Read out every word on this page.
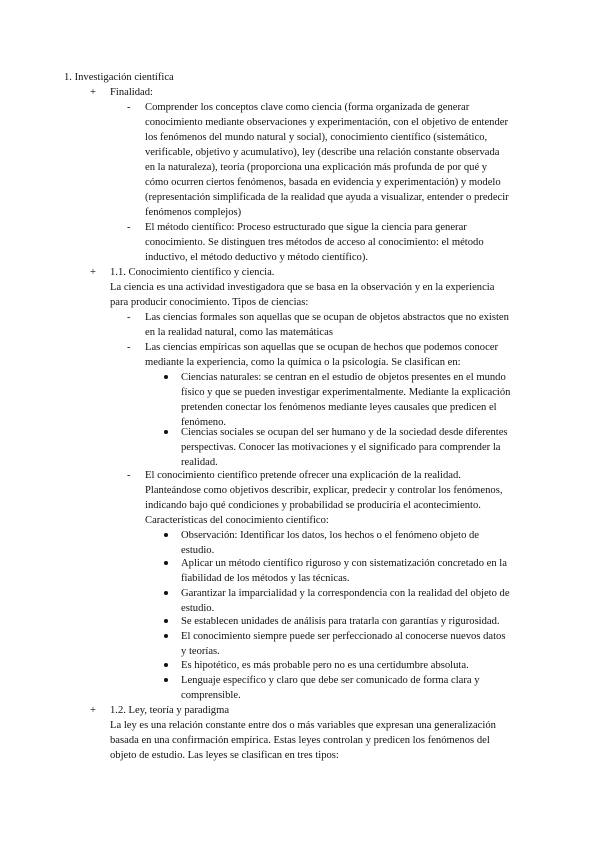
1. Investigación científica
+ Finalidad:
- Comprender los conceptos clave como ciencia (forma organizada de generar
conocimiento mediante observaciones y experimentación, con el objetivo de entender
los fenómenos del mundo natural y social), conocimiento científico (sistemático,
verificable, objetivo y acumulativo), ley (describe una relación constante observada
en la naturaleza), teoría (proporciona una explicación más profunda de por qué y
cómo ocurren ciertos fenómenos, basada en evidencia y experimentación) y modelo
(representación simplificada de la realidad que ayuda a visualizar, entender o predecir
fenómenos complejos)
- El método científico: Proceso estructurado que sigue la ciencia para generar
conocimiento. Se distinguen tres métodos de acceso al conocimiento: el método
inductivo, el método deductivo y método científico).
+ 1.1. Conocimiento científico y ciencia.
La ciencia es una actividad investigadora que se basa en la observación y en la experiencia
para producir conocimiento. Tipos de ciencias:
- Las ciencias formales son aquellas que se ocupan de objetos abstractos que no existen
en la realidad natural, como las matemáticas
- Las ciencias empíricas son aquellas que se ocupan de hechos que podemos conocer
mediante la experiencia, como la química o la psicología. Se clasifican en:
Ciencias naturales: se centran en el estudio de objetos presentes en el mundo
físico y que se pueden investigar experimentalmente. Mediante la explicación
pretenden conectar los fenómenos mediante leyes causales que predicen el
fenómeno.
Ciencias sociales se ocupan del ser humano y de la sociedad desde diferentes
perspectivas. Conocer las motivaciones y el significado para comprender la
realidad.
- El conocimiento científico pretende ofrecer una explicación de la realidad.
Planteándose como objetivos describir, explicar, predecir y controlar los fenómenos,
indicando bajo qué condiciones y probabilidad se produciría el acontecimiento.
Características del conocimiento científico:
Observación: Identificar los datos, los hechos o el fenómeno objeto de
estudio.
Aplicar un método científico riguroso y con sistematización concretado en la
fiabilidad de los métodos y las técnicas.
Garantizar la imparcialidad y la correspondencia con la realidad del objeto de
estudio.
Se establecen unidades de análisis para tratarla con garantías y rigurosidad.
El conocimiento siempre puede ser perfeccionado al conocerse nuevos datos
y teorías.
Es hipotético, es más probable pero no es una certidumbre absoluta.
Lenguaje específico y claro que debe ser comunicado de forma clara y
comprensible.
+ 1.2. Ley, teoría y paradigma
La ley es una relación constante entre dos o más variables que expresan una generalización
basada en una confirmación empírica. Estas leyes controlan y predicen los fenómenos del
objeto de estudio. Las leyes se clasifican en tres tipos:
